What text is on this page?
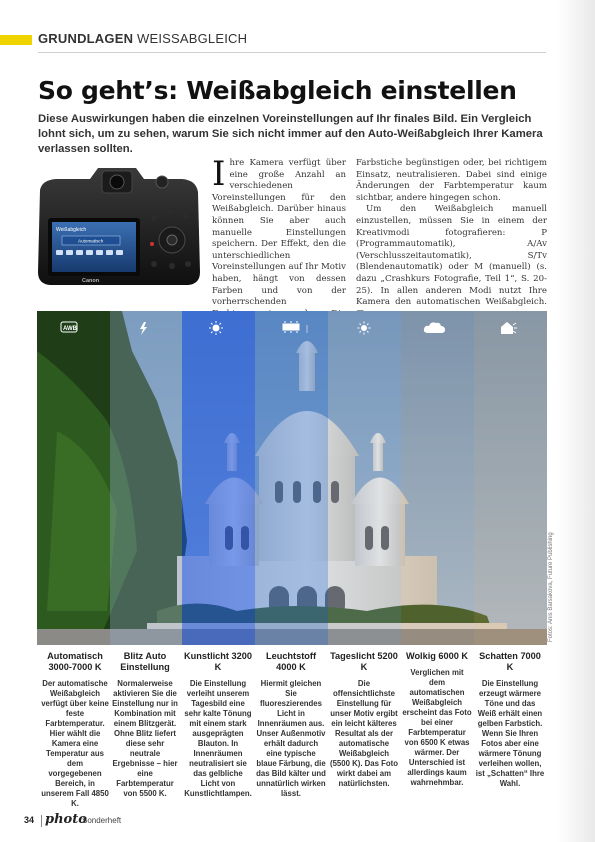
GRUNDLAGEN WEISSABGLEICH
So geht’s: Weißabgleich einstellen
Diese Auswirkungen haben die einzelnen Voreinstellungen auf Ihr finales Bild. Ein Vergleich lohnt sich, um zu sehen, warum Sie sich nicht immer auf den Auto-Weißabgleich Ihrer Kamera verlassen sollten.
Weißabgleich
Automatisch
Canon
Ihre Kamera verfügt über eine große Anzahl an verschiedenen Voreinstellungen für den Weißabgleich. Darüber hinaus können Sie aber auch manuelle Einstellungen speichern. Der Effekt, den die unterschiedlichen Voreinstellungen auf Ihr Motiv haben, hängt von dessen Farben und von der vorherrschenden

Farbstiche begünstigen oder, bei richtigem Einsatz, neutralisieren. Dabei sind einige Änderungen der Farbtemperatur kaum sichtbar, andere hingegen schon.

Um den Weißabgleich manuell einzustellen, müssen Sie in einem der Kreativmodi fotografieren: P (Programmautomatik), A/Av (Verschlusszeitautomatik), S/Tv (Blendenautomatik) oder M (manuell) (s. dazu „Crashkurs Fotografie, Teil 1“, S. 20-25). In allen anderen Modi nutzt Ihre Kamera den automatischen Weißabgleich.

AWB
Fotos: Anis Barsakova, Future Publishing
Automatisch 3000-7000 K
Der automatische Weißabgleich verfügt über keine feste Farbtemperatur. Hier wählt die Kamera eine Temperatur aus dem vorgegebenen Bereich, in unserem Fall 4850 K.
Blitz Auto Einstellung
Normalerweise aktivieren Sie die Einstellung nur in Kombination mit einem Blitzgerät. Ohne Blitz liefert diese sehr neutrale Ergebnisse – hier eine Farbtemperatur von 5500 K.
Kunstlicht 3200 K
Die Einstellung verleiht unserem Tagesbild eine sehr kalte Tönung mit einem stark ausgeprägten Blauton. In Innenräumen neutralisiert sie das gelbliche Licht von Kunstlichtlampen.
Leuchtstoff 4000 K
Hiermit gleichen Sie fluoreszierendes Licht in Innenräumen aus. Unser Außenmotiv erhält dadurch eine typische blaue Färbung, die das Bild kälter und unnatürlich wirken lässt.
Tageslicht 5200 K
Die offensichtlichste Einstellung für unser Motiv ergibt ein leicht kälteres Resultat als der automatische Weißabgleich (5500 K). Das Foto wirkt dabei am natürlichsten.
Wolkig 6000 K
Verglichen mit dem automatischen Weißabgleich erscheint das Foto bei einer Farbtemperatur von 6500 K etwas wärmer. Der Unterschied ist allerdings kaum wahrnehmbar.
Schatten 7000 K
Die Einstellung erzeugt wärmere Töne und das Weiß erhält einen gelben Farbstich. Wenn Sie Ihren Fotos aber eine wärmere Tönung verleihen wollen, ist „Schatten“ Ihre Wahl.
34 photo
Sonderheft
